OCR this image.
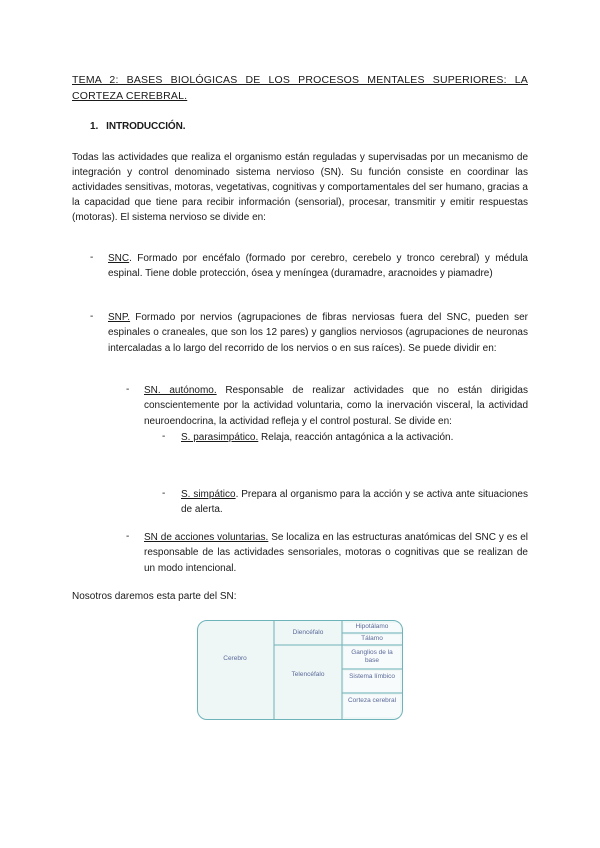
TEMA 2: BASES BIOLÓGICAS DE LOS PROCESOS MENTALES SUPERIORES: LA
CORTEZA CEREBRAL.
1. INTRODUCCIÓN.
Todas las actividades que realiza el organismo están reguladas y supervisadas por un mecanismo de integración y control denominado sistema nervioso (SN). Su función consiste en coordinar las actividades sensitivas, motoras, vegetativas, cognitivas y comportamentales del ser humano, gracias a la capacidad que tiene para recibir información (sensorial), procesar, transmitir y emitir respuestas (motoras). El sistema nervioso se divide en:
- SNC. Formado por encéfalo (formado por cerebro, cerebelo y tronco cerebral) y médula espinal. Tiene doble protección, ósea y meníngea (duramadre, aracnoides y piamadre)
- SNP. Formado por nervios (agrupaciones de fibras nerviosas fuera del SNC, pueden ser espinales o craneales, que son los 12 pares) y ganglios nerviosos (agrupaciones de neuronas intercaladas a lo largo del recorrido de los nervios o en sus raíces). Se puede dividir en:
- SN. autónomo. Responsable de realizar actividades que no están dirigidas conscientemente por la actividad voluntaria, como la inervación visceral, la actividad neuroendocrina, la actividad refleja y el control postural. Se divide en:
- S. parasimpático. Relaja, reacción antagónica a la activación.
- S. simpático. Prepara al organismo para la acción y se activa ante situaciones de alerta.
- SN de acciones voluntarias. Se localiza en las estructuras anatómicas del SNC y es el responsable de las actividades sensoriales, motoras o cognitivas que se realizan de un modo intencional.
Nosotros daremos esta parte del SN:
Cerebro
Diencéfalo
Telencéfalo
Hipotálamo
Tálamo
Ganglios de la base
Sistema límbico
Corteza cerebral
